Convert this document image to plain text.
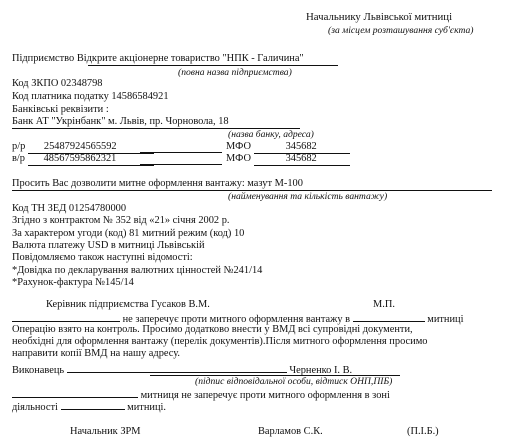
Начальнику Львівської митниці
(за місцем розташування суб'єкта)
Підприємство Відкрите акціонерне товариство "НПК - Галичина"
(повна назва підприємства)
Код ЗКПО 02348798
Код платника податку 14586584921
Банківські реквізити :
Банк АТ "Укрінбанк" м. Львів, пр. Чорновола, 18
(назва банку, адреса)
р/р 25487924565592	МФО	345682
в/р 48567595862321	МФО	345682
Просить Вас дозволити митне оформлення вантажу: мазут М-100
(найменування та кількість вантажу)
Код ТН ЗЕД 01254780000
Згідно з контрактом № 352 від «21» січня 2002 р.
За характером угоди (код) 81 митний режим (код) 10
Валюта платежу USD в митниці Львівській
Повідомляємо також наступні відомості:
*Довідка по декларування валютних цінностей №241/14
*Рахунок-фактура №145/14
Керівник підприємства Гусаков В.М.	М.П.
не заперечує проти митного оформлення вантажу в	митниці
Операцію взято на контроль. Просимо додатково внести у ВМД всі супровідні документи,
необхідні для оформлення вантажу (перелік документів).Після митного оформлення просимо
направити копії ВМД на нашу адресу.
Виконавець	Черненко І. В.
(підпис відповідальної особи, відтиск ОНП,ПІБ)
митниця не заперечує проти митного оформлення в зоні
діяльності	митниці.
Начальник ЗРМ	Варламов С.К.	(П.І.Б.)
